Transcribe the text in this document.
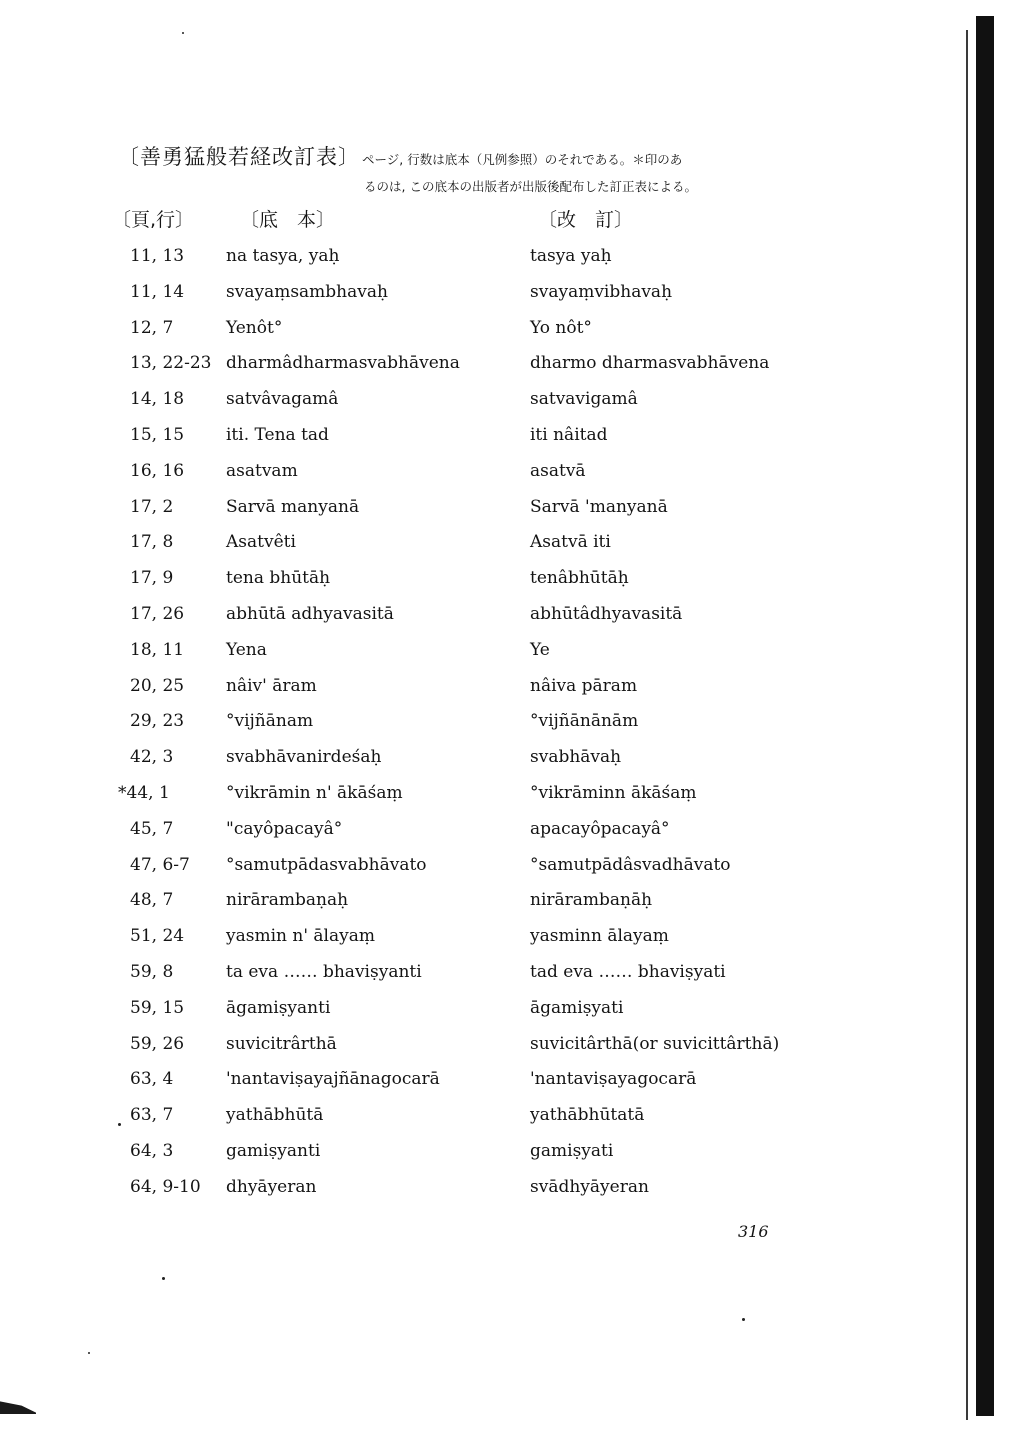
〔善勇猛般若経改訂表〕 ページ, 行数は底本（凡例参照）のそれである。＊印のあ
るのは, この底本の出版者が出版後配布した訂正表による。
〔頁,行〕 〔底　本〕	〔改　訂〕
11, 13	na tasya, yaḥ	tasya yaḥ
11, 14	svayaṃsambhavaḥ	svayaṃvibhavaḥ
12, 7	Yenôt°	Yo nôt°
13, 22-23 dharmâdharmasvabhāvena	dharmo dharmasvabhāvena
14, 18	satvâvagamâ	satvavigamâ
15, 15	iti. Tena tad	iti nâitad
16, 16	asatvam	asatvā
17, 2	Sarvā manyanā	Sarvā 'manyanā
17, 8	Asatvêti	Asatvā iti
17, 9	tena bhūtāḥ	tenâbhūtāḥ
17, 26	abhūtā adhyavasitā	abhūtâdhyavasitā
18, 11	Yena	Ye
20, 25	nâiv' āram	nâiva pāram
29, 23	°vijñānam	°vijñānānām
42, 3	svabhāvanirdeśaḥ	svabhāvaḥ
*44, 1	°vikrāmin n' ākāśaṃ	°vikrāminn ākāśaṃ
45, 7	"cayôpacayâ°	apacayôpacayâ°
47, 6-7	°samutpādasvabhāvato	°samutpādâsvadhāvato
48, 7	nirārambaṇaḥ	nirārambaṇāḥ
51, 24	yasmin n' ālayaṃ	yasminn ālayaṃ
59, 8	ta eva …… bhaviṣyanti	tad eva …… bhaviṣyati
59, 15	āgamiṣyanti	āgamiṣyati
59, 26	suvicitrârthā	suvicitârthā(or suvicittârthā)
63, 4	'nantaviṣayajñānagocarā	'nantaviṣayagocarā
63, 7	yathābhūtā	yathābhūtatā
64, 3	gamiṣyanti	gamiṣyati
64, 9-10	dhyāyeran	svādhyāyeran
316
